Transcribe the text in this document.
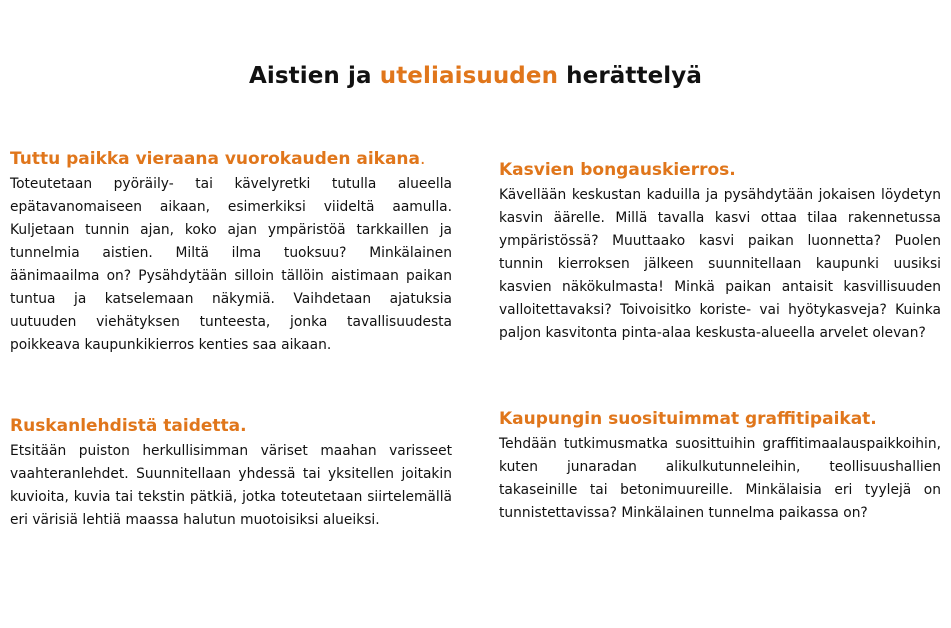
Aistien ja uteliaisuuden herättelyä
Tuttu paikka vieraana vuorokauden aikana.

Toteutetaan pyöräily- tai kävelyretki tutulla alueella epätavanomaiseen aikaan, esimerkiksi viideltä aamulla. Kuljetaan tunnin ajan, koko ajan ympäristöä tarkkaillen ja tunnelmia aistien. Miltä ilma tuoksuu? Minkälainen äänimaailma on? Pysähdytään silloin tällöin aistimaan paikan tuntua ja katselemaan näkymiä. Vaihdetaan ajatuksia uutuuden viehätyksen tunteesta, jonka tavallisuudesta poikkeava kaupunkikierros kenties saa aikaan.

Kasvien bongauskierros.

Kävellään keskustan kaduilla ja pysähdytään jokaisen löydetyn kasvin äärelle. Millä tavalla kasvi ottaa tilaa rakennetussa ympäristössä? Muuttaako kasvi paikan luonnetta? Puolen tunnin kierroksen jälkeen suunnitellaan kaupunki uusiksi kasvien näkökulmasta! Minkä paikan antaisit kasvillisuuden valloitettavaksi? Toivoisitko koriste- vai hyötykasveja? Kuinka paljon kasvitonta pinta-alaa keskusta-alueella arvelet olevan?

Ruskanlehdistä taidetta.

Etsitään puiston herkullisimman väriset maahan varisseet vaahteranlehdet. Suunnitellaan yhdessä tai yksitellen joitakin kuvioita, kuvia tai tekstin pätkiä, jotka toteutetaan siirtelemällä eri värisiä lehtiä maassa halutun muotoisiksi alueiksi.

Kaupungin suosituimmat graffitipaikat.

Tehdään tutkimusmatka suosittuihin graffitimaalauspaikkoihin, kuten junaradan alikulkutunneleihin, teollisuushallien takaseinille tai betonimuureille. Minkälaisia eri tyylejä on tunnistettavissa? Minkälainen tunnelma paikassa on?
